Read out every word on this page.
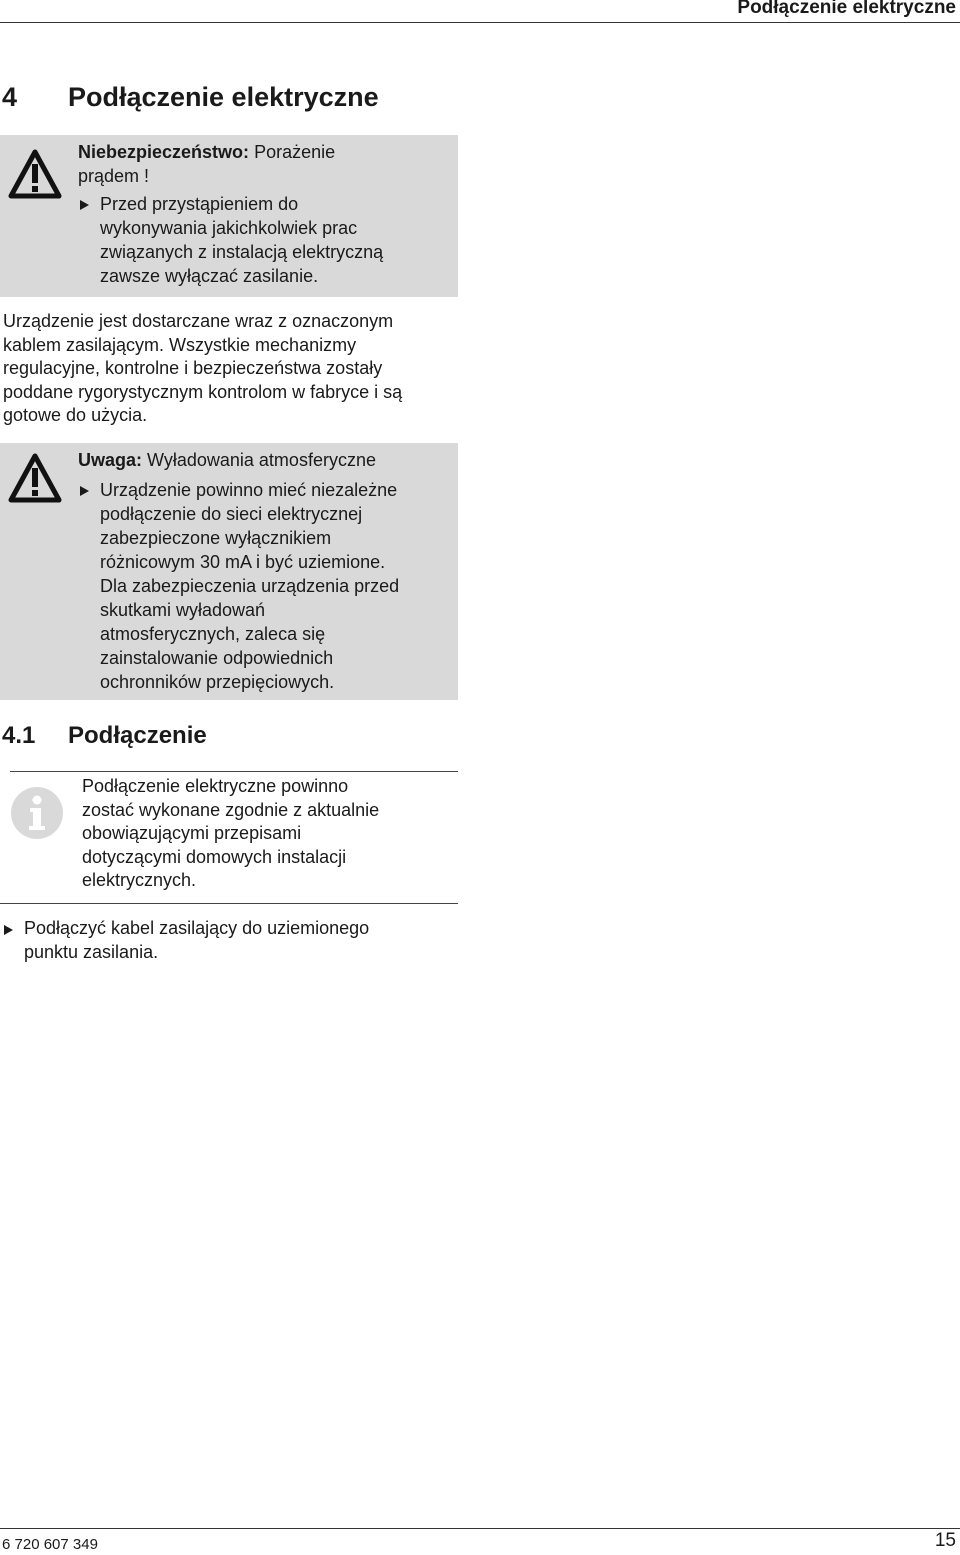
Podłączenie elektryczne
4 Podłączenie elektryczne
Niebezpieczeństwo: Porażenie
prądem !
Przed przystąpieniem do
wykonywania jakichkolwiek prac
związanych z instalacją elektryczną
zawsze wyłączać zasilanie.
Urządzenie jest dostarczane wraz z oznaczonym
kablem zasilającym. Wszystkie mechanizmy
regulacyjne, kontrolne i bezpieczeństwa zostały
poddane rygorystycznym kontrolom w fabryce i są
gotowe do użycia.
Uwaga: Wyładowania atmosferyczne
Urządzenie powinno mieć niezależne
podłączenie do sieci elektrycznej
zabezpieczone wyłącznikiem
różnicowym 30 mA i być uziemione.
Dla zabezpieczenia urządzenia przed
skutkami wyładowań
atmosferycznych, zaleca się
zainstalowanie odpowiednich
ochronników przepięciowych.
4.1 Podłączenie
Podłączenie elektryczne powinno
zostać wykonane zgodnie z aktualnie
obowiązującymi przepisami
dotyczącymi domowych instalacji
elektrycznych.
Podłączyć kabel zasilający do uziemionego
punktu zasilania.
6 720 607 349	15
